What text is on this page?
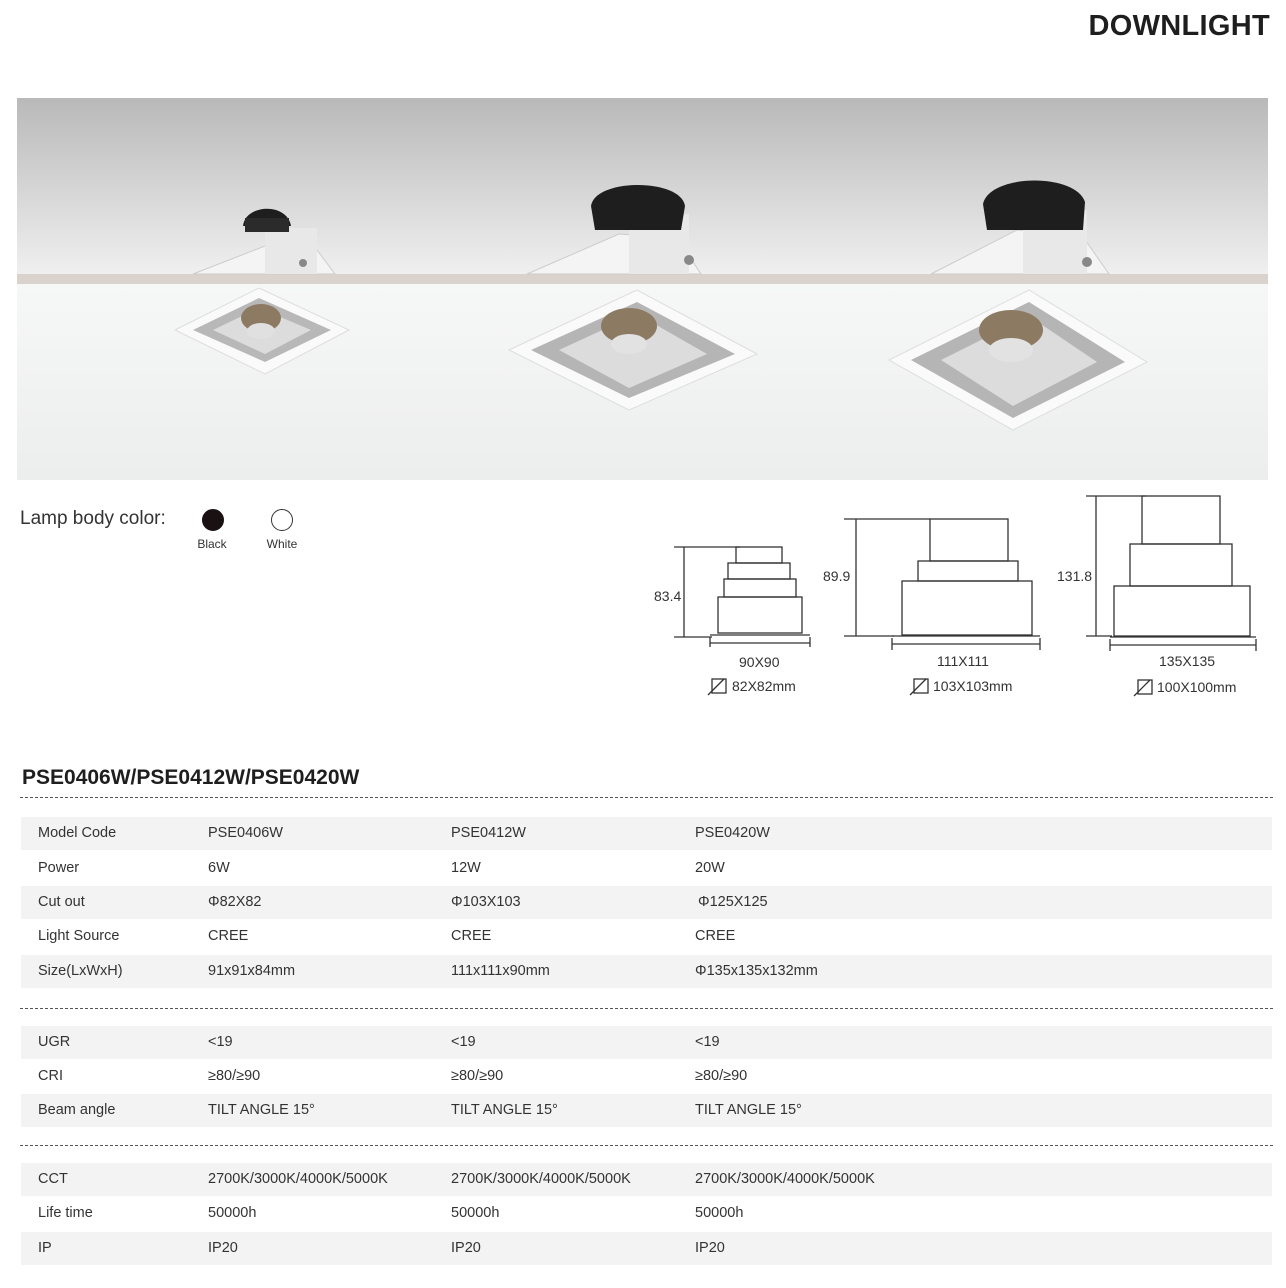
DOWNLIGHT
Lamp body color:
Black	White
83.4
90X90
82X82mm
89.9
111X111
103X103mm
131.8
135X135
100X100mm
PSE0406W/PSE0412W/PSE0420W
Model Code	PSE0406W	PSE0412W	PSE0420W
Power	6W	12W	20W
Cut out	Φ82X82	Φ103X103	Φ125X125
Light Source	CREE	CREE	CREE
Size(LxWxH)	91x91x84mm	111x111x90mm	Φ135x135x132mm
UGR	<19	<19	<19
CRI	≥80/≥90	≥80/≥90	≥80/≥90
Beam angle	TILT ANGLE 15°	TILT ANGLE 15°	TILT ANGLE 15°
CCT	2700K/3000K/4000K/5000K	2700K/3000K/4000K/5000K	2700K/3000K/4000K/5000K
Life time	50000h	50000h	50000h
IP	IP20	IP20	IP20
